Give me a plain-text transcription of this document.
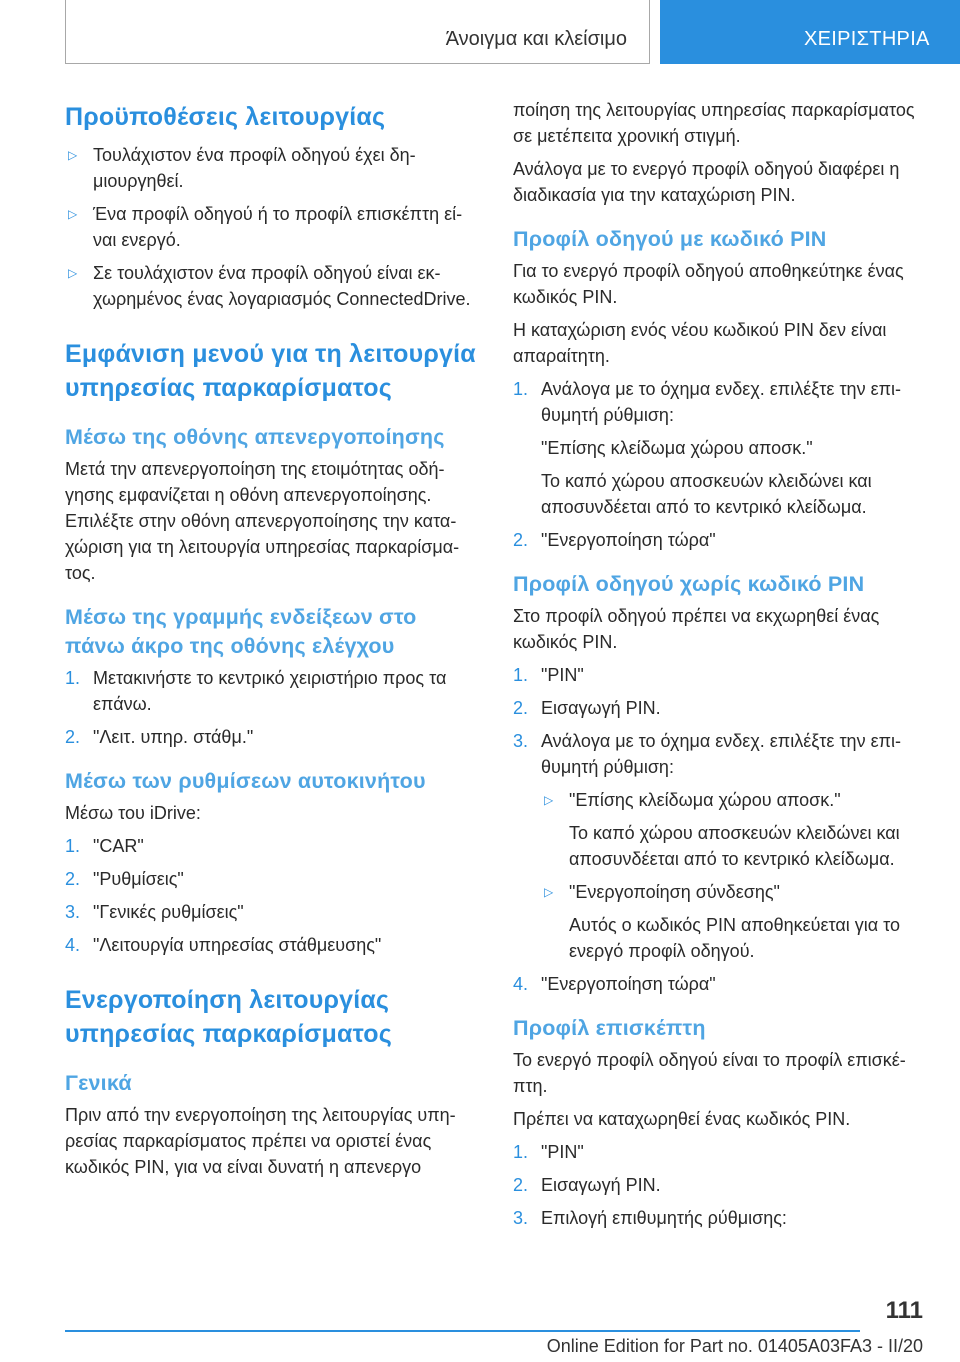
Άνοιγμα και κλείσιμο	ΧΕΙΡΙΣΤΗΡΙΑ
Προϋποθέσεις λειτουργίας
▷ Τουλάχιστον ένα προφίλ οδηγού έχει δημιουργηθεί.
▷ Ένα προφίλ οδηγού ή το προφίλ επισκέπτη είναι ενεργό.
▷ Σε τουλάχιστον ένα προφίλ οδηγού είναι εκχωρημένος ένας λογαριασμός ConnectedDrive.
Εμφάνιση μενού για τη λειτουργία υπηρεσίας παρκαρίσματος
Μέσω της οθόνης απενεργοποίησης
Μετά την απενεργοποίηση της ετοιμότητας οδήγησης εμφανίζεται η οθόνη απενεργοποίησης. Επιλέξτε στην οθόνη απενεργοποίησης την καταχώριση για τη λειτουργία υπηρεσίας παρκαρίσματος.
Μέσω της γραμμής ενδείξεων στο πάνω άκρο της οθόνης ελέγχου
1. Μετακινήστε το κεντρικό χειριστήριο προς τα επάνω.
2. "Λειτ. υπηρ. στάθμ."
Μέσω των ρυθμίσεων αυτοκινήτου
Μέσω του iDrive:
1. "CAR"
2. "Ρυθμίσεις"
3. "Γενικές ρυθμίσεις"
4. "Λειτουργία υπηρεσίας στάθμευσης"
Ενεργοποίηση λειτουργίας υπηρεσίας παρκαρίσματος
Γενικά
Πριν από την ενεργοποίηση της λειτουργίας υπηρεσίας παρκαρίσματος πρέπει να οριστεί ένας κωδικός PIN, για να είναι δυνατή η απενεργο
ποίηση της λειτουργίας υπηρεσίας παρκαρίσματος σε μετέπειτα χρονική στιγμή.
Ανάλογα με το ενεργό προφίλ οδηγού διαφέρει η διαδικασία για την καταχώριση PIN.
Προφίλ οδηγού με κωδικό PIN
Για το ενεργό προφίλ οδηγού αποθηκεύτηκε ένας κωδικός PIN.
Η καταχώριση ενός νέου κωδικού PIN δεν είναι απαραίτητη.
1. Ανάλογα με το όχημα ενδεχ. επιλέξτε την επιθυμητή ρύθμιση:
"Επίσης κλείδωμα χώρου αποσκ."
Το καπό χώρου αποσκευών κλειδώνει και αποσυνδέεται από το κεντρικό κλείδωμα.
2. "Ενεργοποίηση τώρα"
Προφίλ οδηγού χωρίς κωδικό PIN
Στο προφίλ οδηγού πρέπει να εκχωρηθεί ένας κωδικός PIN.
1. "PIN"
2. Εισαγωγή PIN.
3. Ανάλογα με το όχημα ενδεχ. επιλέξτε την επιθυμητή ρύθμιση:
▷ "Επίσης κλείδωμα χώρου αποσκ."
Το καπό χώρου αποσκευών κλειδώνει και αποσυνδέεται από το κεντρικό κλείδωμα.
▷ "Ενεργοποίηση σύνδεσης"
Αυτός ο κωδικός PIN αποθηκεύεται για το ενεργό προφίλ οδηγού.
4. "Ενεργοποίηση τώρα"
Προφίλ επισκέπτη
Το ενεργό προφίλ οδηγού είναι το προφίλ επισκέπτη.
Πρέπει να καταχωρηθεί ένας κωδικός PIN.
1. "PIN"
2. Εισαγωγή PIN.
3. Επιλογή επιθυμητής ρύθμισης:
111
Online Edition for Part no. 01405A03FA3 - II/20
